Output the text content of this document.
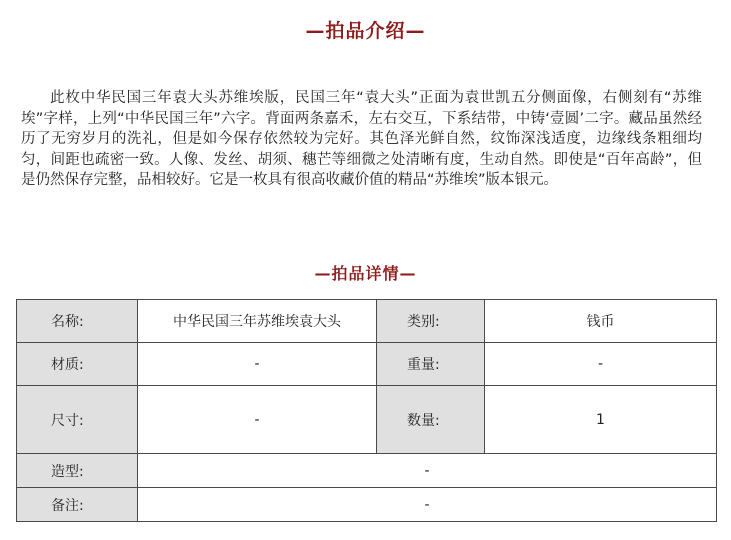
—拍品介绍—

此枚中华民国三年袁大头苏维埃版，民国三年“袁大头”正面为袁世凯五分侧面像，右侧刻有“苏维埃”字样，上列“中华民国三年”六字。背面两条嘉禾，左右交互，下系结带，中铸‘壹圆’二字。藏品虽然经历了无穷岁月的洗礼，但是如今保存依然较为完好。其色泽光鲜自然，纹饰深浅适度，边缘线条粗细均匀，间距也疏密一致。人像、发丝、胡须、穗芒等细微之处清晰有度，生动自然。即使是“百年高龄”，但是仍然保存完整，品相较好。它是一枚具有很高收藏价值的精品“苏维埃”版本银元。

—拍品详情—
名称:	中华民国三年苏维埃袁大头	类别:	钱币
材质:	-	重量:	-
尺寸:	-	数量:	1
造型:	-		
备注:	-		
